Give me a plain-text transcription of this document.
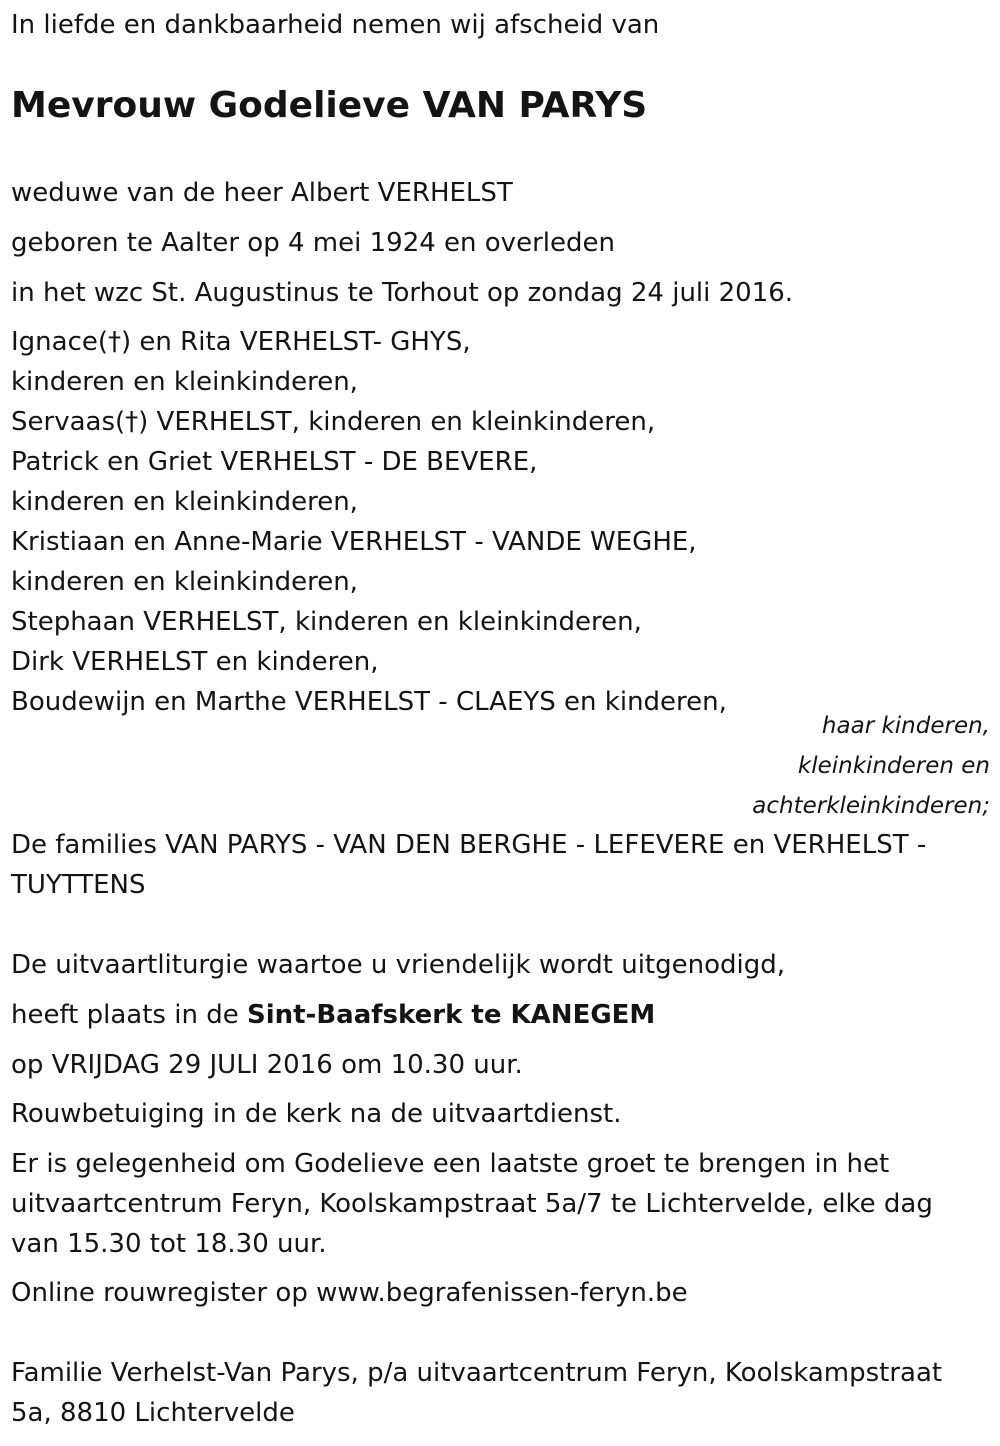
In liefde en dankbaarheid nemen wij afscheid van
Mevrouw Godelieve VAN PARYS
weduwe van de heer Albert VERHELST
geboren te Aalter op 4 mei 1924 en overleden
in het wzc St. Augustinus te Torhout op zondag 24 juli 2016.
Ignace(†) en Rita VERHELST- GHYS,
kinderen en kleinkinderen,
Servaas(†) VERHELST, kinderen en kleinkinderen,
Patrick en Griet VERHELST - DE BEVERE,
kinderen en kleinkinderen,
Kristiaan en Anne-Marie VERHELST - VANDE WEGHE,
kinderen en kleinkinderen,
Stephaan VERHELST, kinderen en kleinkinderen,
Dirk VERHELST en kinderen,
Boudewijn en Marthe VERHELST - CLAEYS en kinderen,
haar kinderen,
kleinkinderen en
achterkleinkinderen;
De families VAN PARYS - VAN DEN BERGHE - LEFEVERE en VERHELST -
TUYTTENS
De uitvaartliturgie waartoe u vriendelijk wordt uitgenodigd,
heeft plaats in de Sint-Baafskerk te KANEGEM
op VRIJDAG 29 JULI 2016 om 10.30 uur.
Rouwbetuiging in de kerk na de uitvaartdienst.
Er is gelegenheid om Godelieve een laatste groet te brengen in het
uitvaartcentrum Feryn, Koolskampstraat 5a/7 te Lichtervelde, elke dag
van 15.30 tot 18.30 uur.
Online rouwregister op www.begrafenissen-feryn.be
Familie Verhelst-Van Parys, p/a uitvaartcentrum Feryn, Koolskampstraat
5a, 8810 Lichtervelde
